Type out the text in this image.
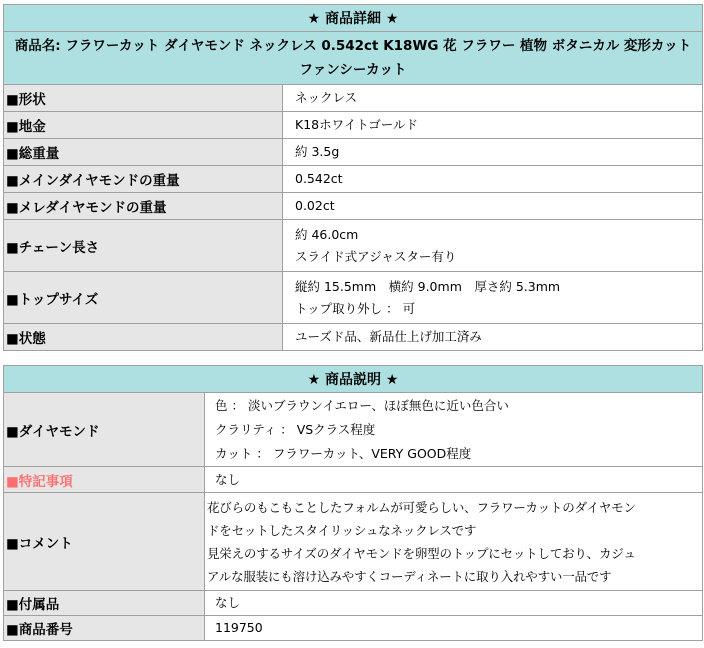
★ 商品詳細 ★	
商品名: フラワーカット ダイヤモンド ネックレス 0.542ct K18WG 花 フラワー 植物 ボタニカル 変形カット ファンシーカット	
■形状	ネックレス

■地金	K18ホワイトゴールド

■総重量	約 3.5g

■メインダイヤモンドの重量	0.542ct

■メレダイヤモンドの重量	0.02ct

■チェーン長さ	約 46.0cm
スライド式アジャスター有り

■トップサイズ	縦約 15.5mm　横約 9.0mm　厚さ約 5.3mm
トップ取り外し ： 可

■状態	ユーズド品、新品仕上げ加工済み
★ 商品説明 ★	
■ダイヤモンド	色 ： 淡いブラウンイエロー、ほぼ無色に近い色合い
クラリティ ： VSクラス程度
カット ： フラワーカット、VERY GOOD程度

■特記事項	なし
■コメント	花びらのもこもことしたフォルムが可愛らしい、フラワーカットのダイヤモン
ドをセットしたスタイリッシュなネックレスです
見栄えのするサイズのダイヤモンドを卵型のトップにセットしており、カジュ
アルな服装にも溶け込みやすくコーディネートに取り入れやすい一品です

■付属品	なし
■商品番号	119750
